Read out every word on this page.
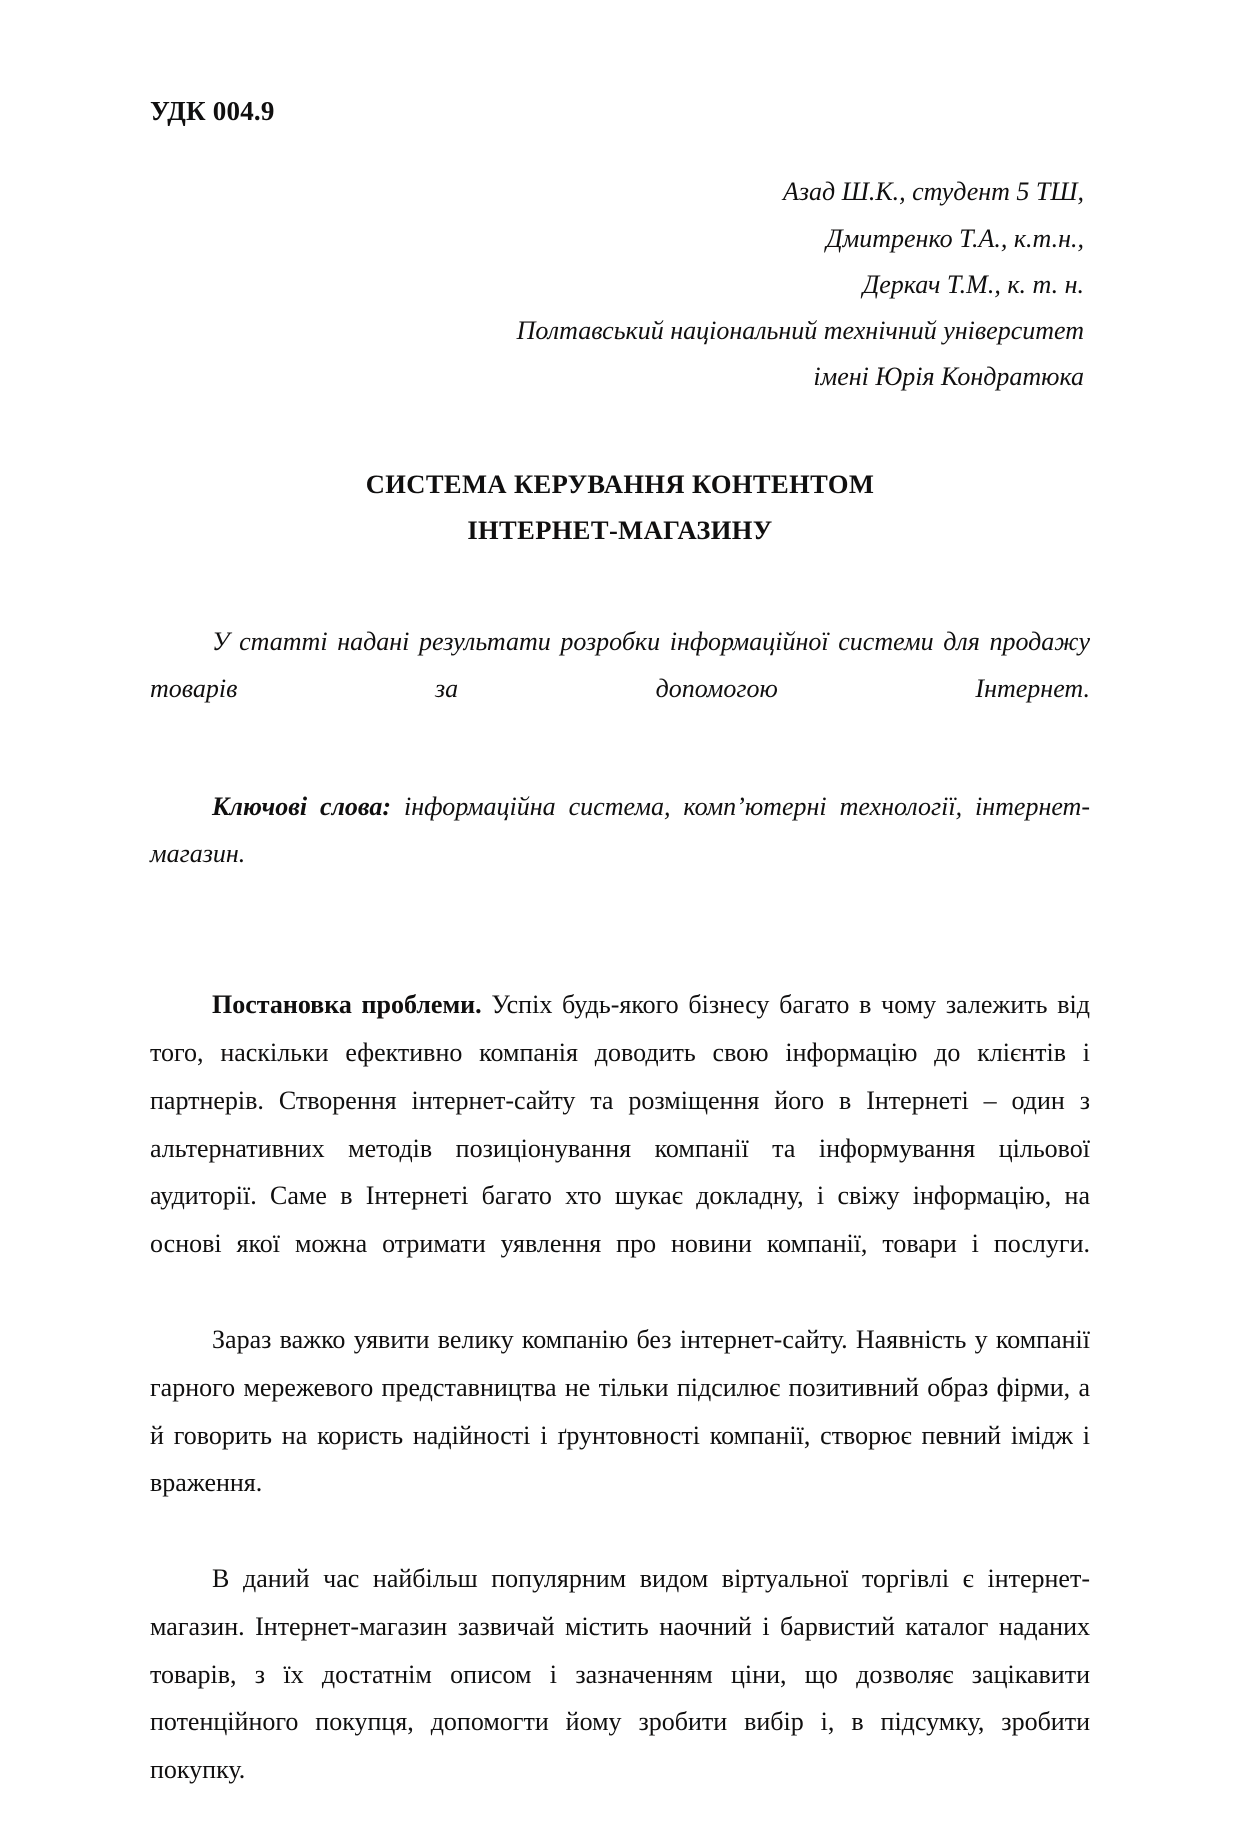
УДК 004.9
Азад Ш.К., студент 5 ТШ,
Дмитренко Т.А., к.т.н.,
Деркач Т.М., к. т. н.
Полтавський національний технічний університет
імені Юрія Кондратюка
СИСТЕМА КЕРУВАННЯ КОНТЕНТОМ
ІНТЕРНЕТ-МАГАЗИНУ

У статті надані результати розробки інформаційної системи для продажу товарів за допомогою Інтернет.

Ключові слова: інформаційна система, комп’ютерні технології, інтернет-магазин.

Постановка проблеми. Успіх будь-якого бізнесу багато в чому залежить від того, наскільки ефективно компанія доводить свою інформацію до клієнтів і партнерів. Створення інтернет-сайту та розміщення його в Інтернеті – один з альтернативних методів позиціонування компанії та інформування цільової аудиторії. Саме в Інтернеті багато хто шукає докладну, і свіжу інформацію, на основі якої можна отримати уявлення про новини компанії, товари і послуги.

Зараз важко уявити велику компанію без інтернет-сайту. Наявність у компанії гарного мережевого представництва не тільки підсилює позитивний образ фірми, а й говорить на користь надійності і ґрунтовності компанії, створює певний імідж і враження.

В даний час найбільш популярним видом віртуальної торгівлі є інтернет-магазин. Інтернет-магазин зазвичай містить наочний і барвистий каталог наданих товарів, з їх достатнім описом і зазначенням ціни, що дозволяє зацікавити потенційного покупця, допомогти йому зробити вибір і, в підсумку, зробити покупку.
